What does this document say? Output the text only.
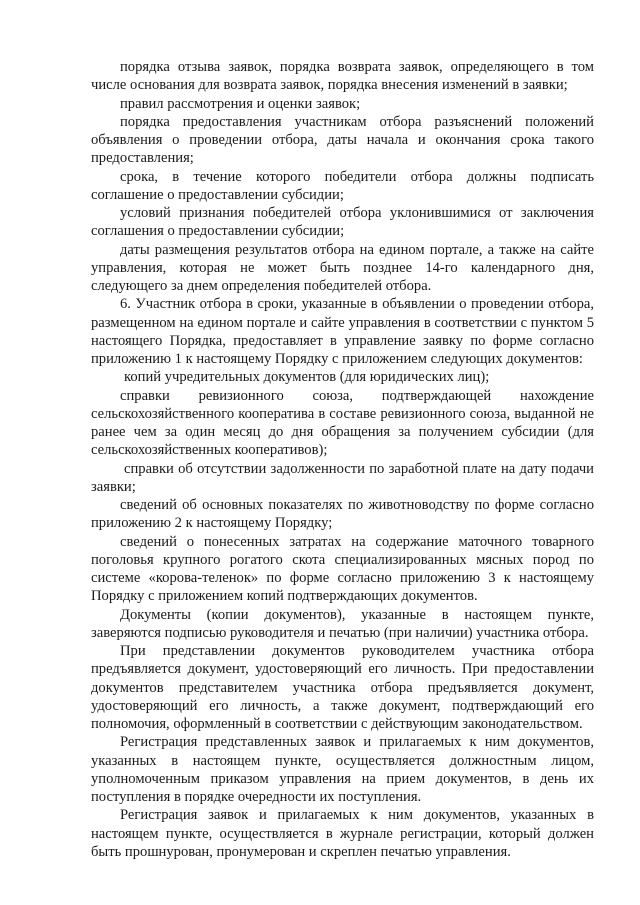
порядка отзыва заявок, порядка возврата заявок, определяющего в том числе основания для возврата заявок, порядка внесения изменений в заявки;

правил рассмотрения и оценки заявок;

порядка предоставления участникам отбора разъяснений положений объявления о проведении отбора, даты начала и окончания срока такого предоставления;

срока, в течение которого победители отбора должны подписать соглашение о предоставлении субсидии;

условий признания победителей отбора уклонившимися от заключения соглашения о предоставлении субсидии;

даты размещения результатов отбора на едином портале, а также на сайте управления, которая не может быть позднее 14-го календарного дня, следующего за днем определения победителей отбора.

6. Участник отбора в сроки, указанные в объявлении о проведении отбора, размещенном на едином портале и сайте управления в соответствии с пунктом 5 настоящего Порядка, предоставляет в управление заявку по форме согласно приложению 1 к настоящему Порядку с приложением следующих документов:

копий учредительных документов (для юридических лиц);

справки ревизионного союза, подтверждающей нахождение сельскохозяйственного кооператива в составе ревизионного союза, выданной не ранее чем за один месяц до дня обращения за получением субсидии (для сельскохозяйственных кооперативов);

справки об отсутствии задолженности по заработной плате на дату подачи заявки;

сведений об основных показателях по животноводству по форме согласно приложению 2 к настоящему Порядку;

сведений о понесенных затратах на содержание маточного товарного поголовья крупного рогатого скота специализированных мясных пород по системе «корова-теленок» по форме согласно приложению 3 к настоящему Порядку с приложением копий подтверждающих документов.

Документы (копии документов), указанные в настоящем пункте, заверяются подписью руководителя и печатью (при наличии) участника отбора.

При представлении документов руководителем участника отбора предъявляется документ, удостоверяющий его личность. При предоставлении документов представителем участника отбора предъявляется документ, удостоверяющий его личность, а также документ, подтверждающий его полномочия, оформленный в соответствии с действующим законодательством.

Регистрация представленных заявок и прилагаемых к ним документов, указанных в настоящем пункте, осуществляется должностным лицом, уполномоченным приказом управления на прием документов, в день их поступления в порядке очередности их поступления.

Регистрация заявок и прилагаемых к ним документов, указанных в настоящем пункте, осуществляется в журнале регистрации, который должен быть прошнурован, пронумерован и скреплен печатью управления.
